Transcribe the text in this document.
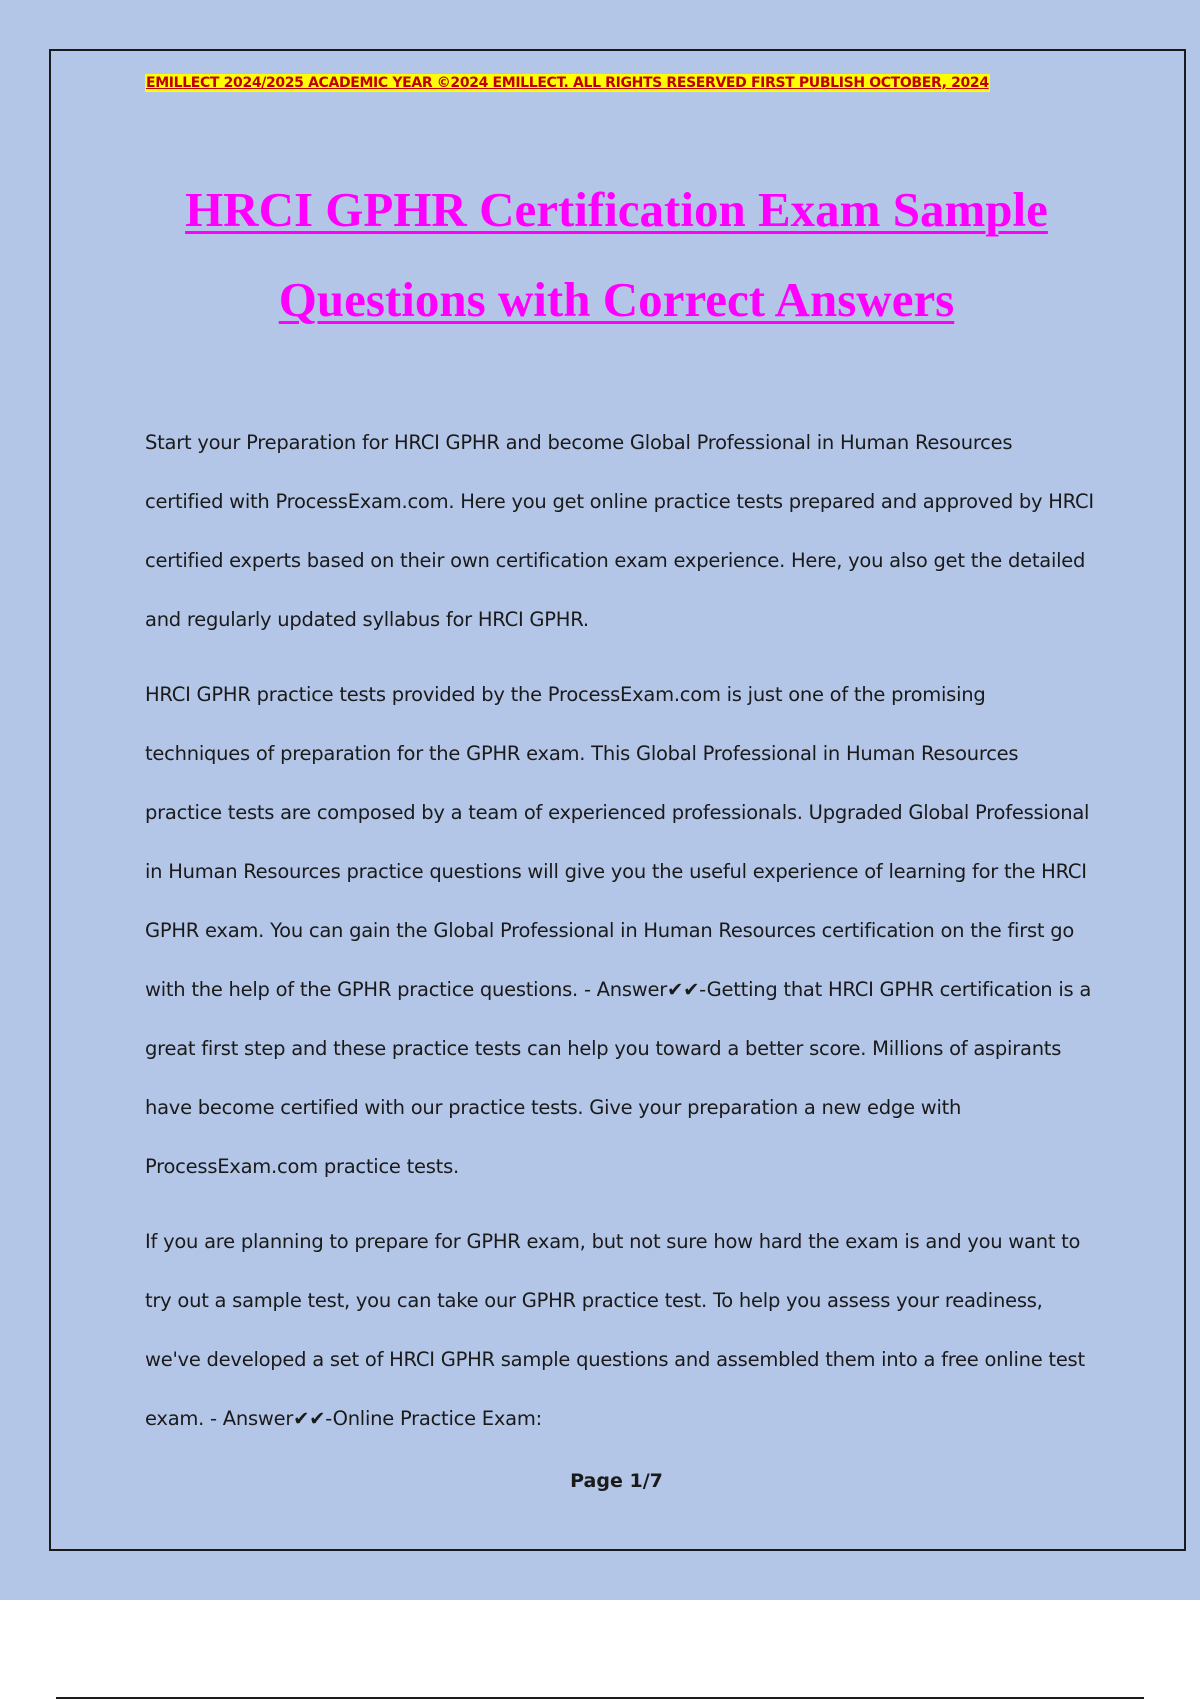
EMILLECT 2024/2025 ACADEMIC YEAR ©2024 EMILLECT. ALL RIGHTS RESERVED FIRST PUBLISH OCTOBER, 2024
HRCI GPHR Certification Exam Sample Questions with Correct Answers

Start your Preparation for HRCI GPHR and become Global Professional in Human Resources certified with ProcessExam.com. Here you get online practice tests prepared and approved by HRCI certified experts based on their own certification exam experience. Here, you also get the detailed and regularly updated syllabus for HRCI GPHR.

HRCI GPHR practice tests provided by the ProcessExam.com is just one of the promising techniques of preparation for the GPHR exam. This Global Professional in Human Resources practice tests are composed by a team of experienced professionals. Upgraded Global Professional in Human Resources practice questions will give you the useful experience of learning for the HRCI GPHR exam. You can gain the Global Professional in Human Resources certification on the first go with the help of the GPHR practice questions. - Answer✔✔-Getting that HRCI GPHR certification is a great first step and these practice tests can help you toward a better score. Millions of aspirants have become certified with our practice tests. Give your preparation a new edge with ProcessExam.com practice tests.

If you are planning to prepare for GPHR exam, but not sure how hard the exam is and you want to try out a sample test, you can take our GPHR practice test. To help you assess your readiness, we've developed a set of HRCI GPHR sample questions and assembled them into a free online test exam. - Answer✔✔-Online Practice Exam:

Page 1/7
